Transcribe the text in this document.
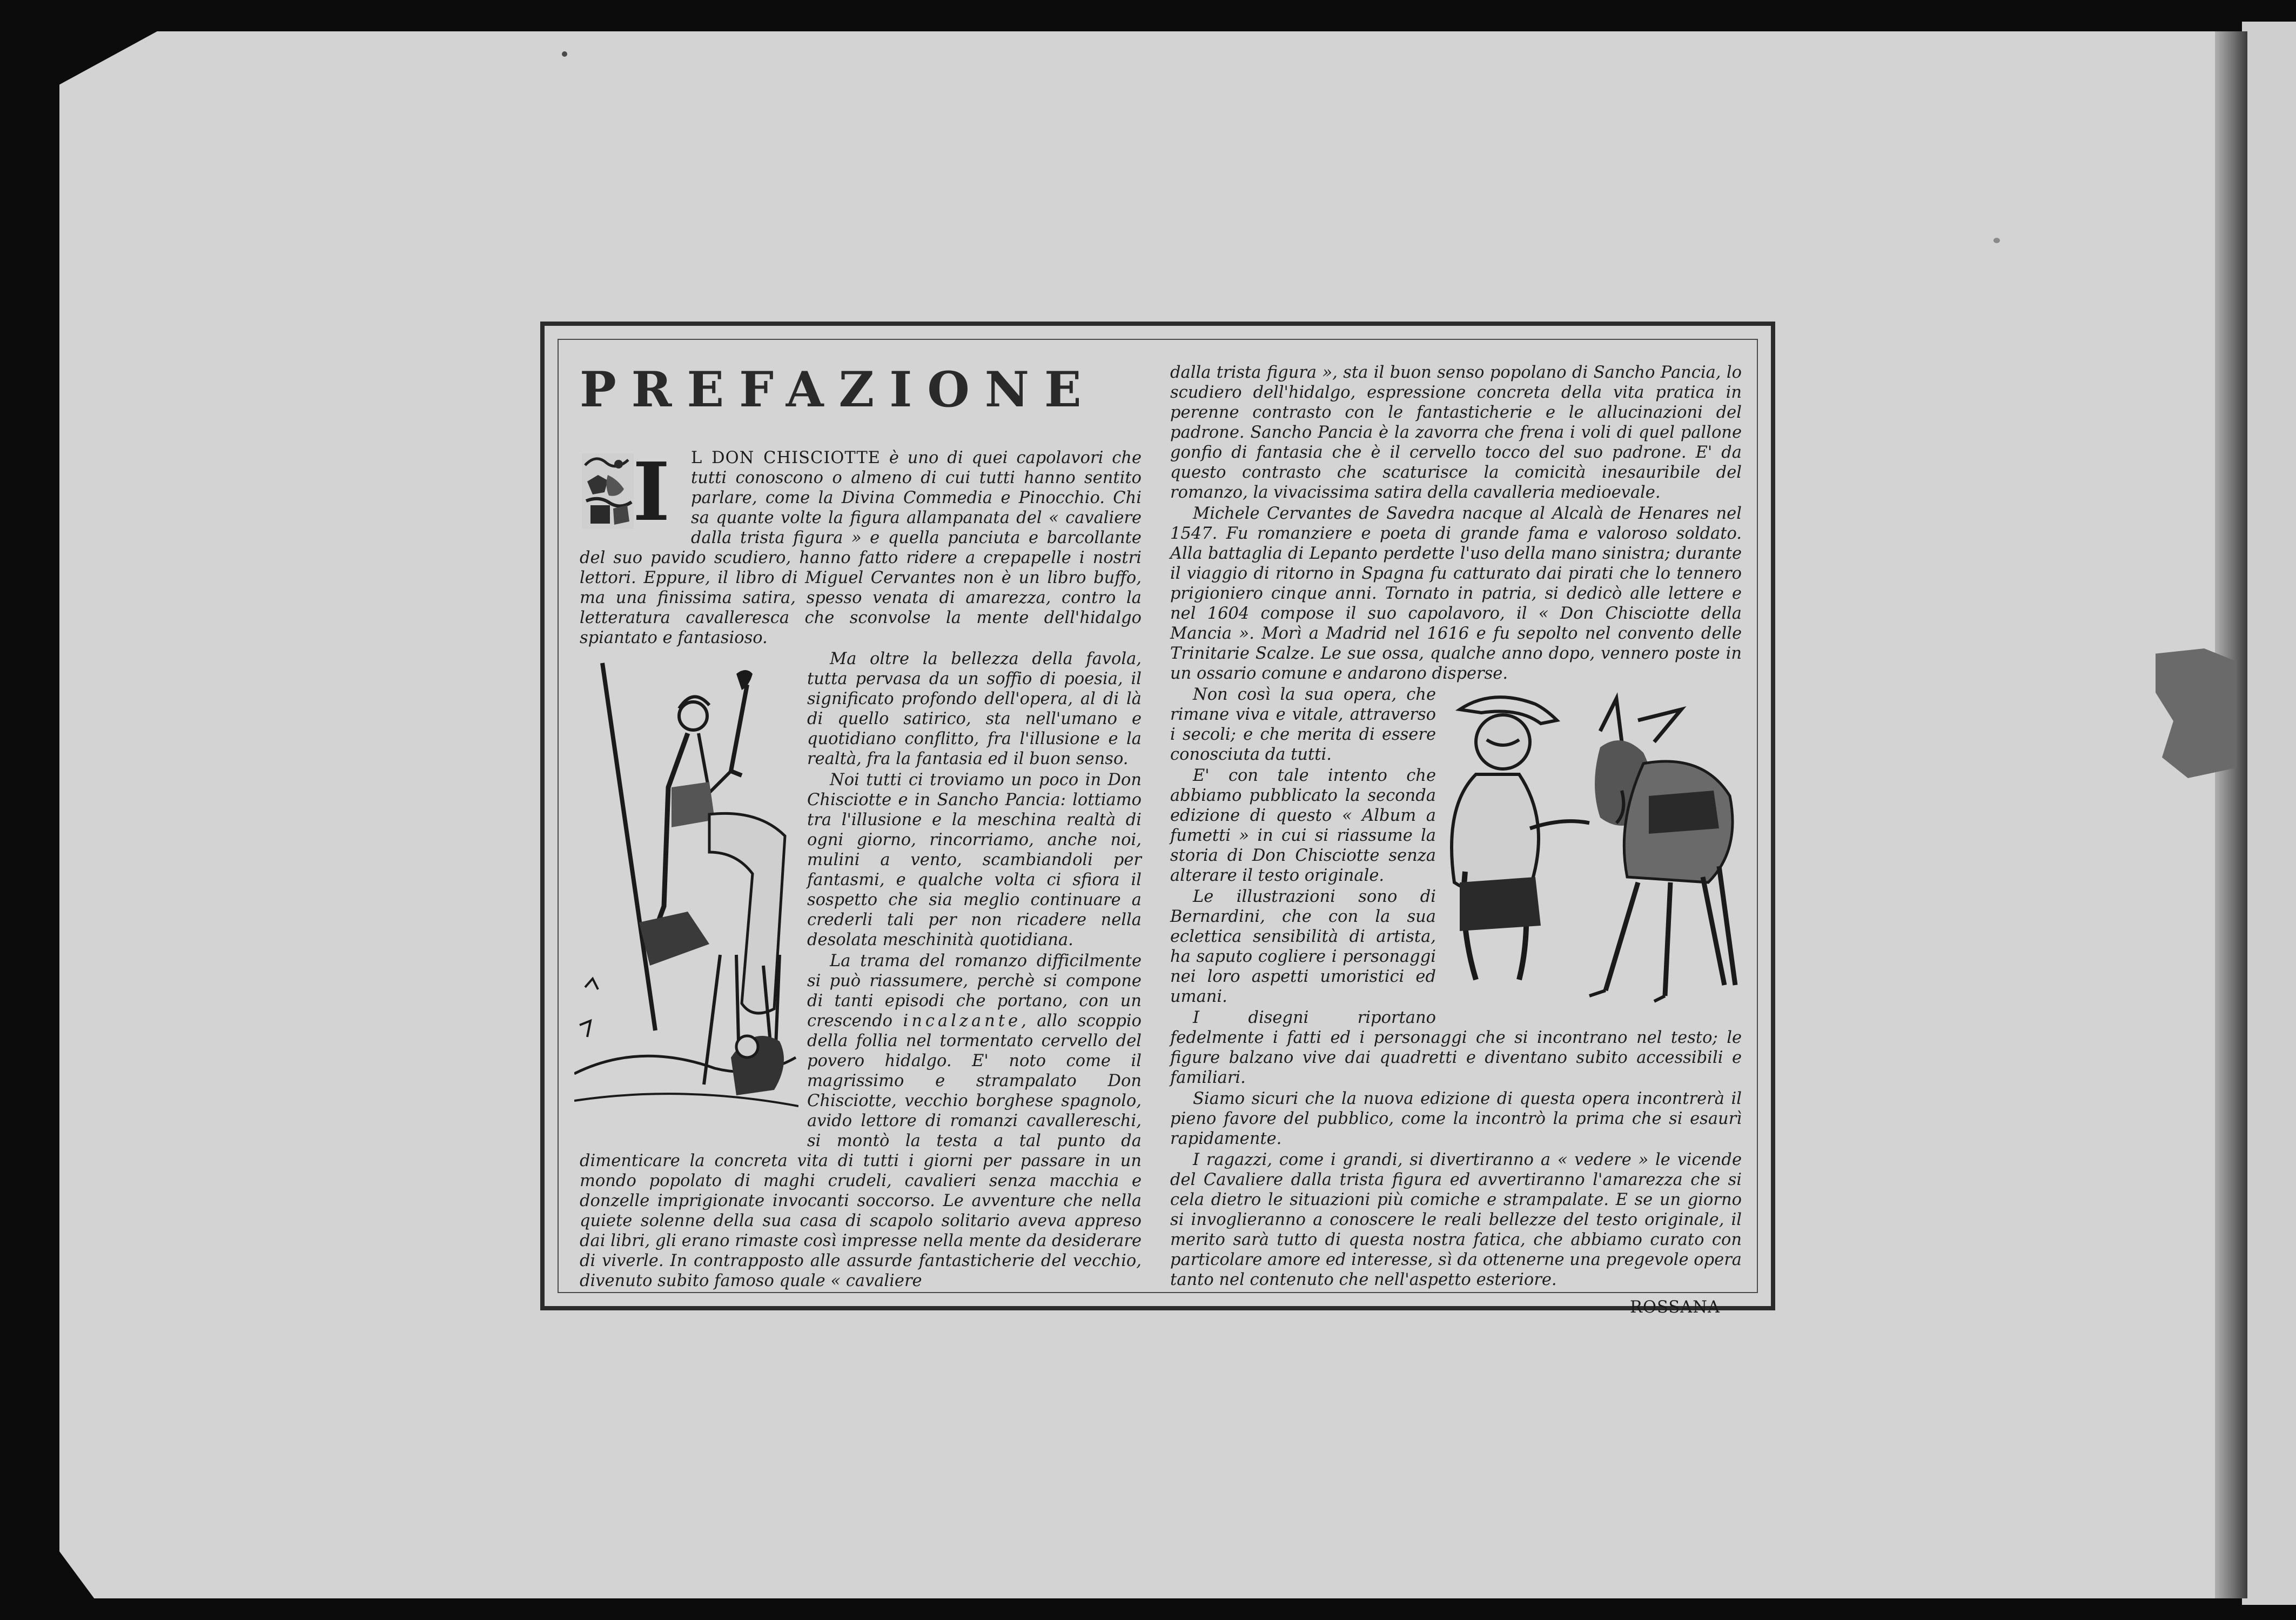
PREFAZIONE

I L DON CHISCIOTTE è uno di quei capolavori che tutti conoscono o almeno di cui tutti hanno sentito parlare, come la Divina Commedia e Pinocchio. Chi sa quante volte la figura allampanata del « cavaliere dalla trista figura » e quella panciuta e barcollante del suo pavido scudiero, hanno fatto ridere a crepapelle i nostri lettori. Eppure, il libro di Miguel Cervantes non è un libro buffo, ma una finissima satira, spesso venata di amarezza, contro la letteratura cavalleresca che sconvolse la mente dell'hidalgo spiantato e fantasioso.

Ma oltre la bellezza della favola, tutta pervasa da un soffio di poesia, il significato profondo dell'opera, al di là di quello satirico, sta nell'umano e quotidiano conflitto, fra l'illusione e la realtà, fra la fantasia ed il buon senso.

Noi tutti ci troviamo un poco in Don Chisciotte e in Sancho Pancia: lottiamo tra l'illusione e la meschina realtà di ogni giorno, rincorriamo, anche noi, mulini a vento, scambiandoli per fantasmi, e qualche volta ci sfiora il sospetto che sia meglio continuare a crederli tali per non ricadere nella desolata meschinità quotidiana.

La trama del romanzo difficilmente si può riassumere, perchè si compone di tanti episodi che portano, con un crescendo incalzante, allo scoppio della follia nel tormentato cervello del povero hidalgo. E' noto come il magrissimo e strampalato Don Chisciotte, vecchio borghese spagnolo, avido lettore di romanzi cavallereschi, si montò la testa a tal punto da dimenticare la concreta vita di tutti i giorni per passare in un mondo popolato di maghi crudeli, cavalieri senza macchia e donzelle imprigionate invocanti soccorso. Le avventure che nella quiete solenne della sua casa di scapolo solitario aveva appreso dai libri, gli erano rimaste così impresse nella mente da desiderare di viverle. In contrapposto alle assurde fantasticherie del vecchio, divenuto subito famoso quale « cavaliere

dalla trista figura », sta il buon senso popolano di Sancho Pancia, lo scudiero dell'hidalgo, espressione concreta della vita pratica in perenne contrasto con le fantasticherie e le allucinazioni del padrone. Sancho Pancia è la zavorra che frena i voli di quel pallone gonfio di fantasia che è il cervello tocco del suo padrone. E' da questo contrasto che scaturisce la comicità inesauribile del romanzo, la vivacissima satira della cavalleria medioevale.

Michele Cervantes de Savedra nacque al Alcalà de Henares nel 1547. Fu romanziere e poeta di grande fama e valoroso soldato. Alla battaglia di Lepanto perdette l'uso della mano sinistra; durante il viaggio di ritorno in Spagna fu catturato dai pirati che lo tennero prigioniero cinque anni. Tornato in patria, si dedicò alle lettere e nel 1604 compose il suo capolavoro, il « Don Chisciotte della Mancia ». Morì a Madrid nel 1616 e fu sepolto nel convento delle Trinitarie Scalze. Le sue ossa, qualche anno dopo, vennero poste in un ossario comune e andarono disperse.

Non così la sua opera, che rimane viva e vitale, attraverso i secoli; e che merita di essere conosciuta da tutti.

E' con tale intento che abbiamo pubblicato la seconda edizione di questo « Album a fumetti » in cui si riassume la storia di Don Chisciotte senza alterare il testo originale.

Le illustrazioni sono di Bernardini, che con la sua eclettica sensibilità di artista, ha saputo cogliere i personaggi nei loro aspetti umoristici ed umani.

I disegni riportano fedelmente i fatti ed i personaggi che si incontrano nel testo; le figure balzano vive dai quadretti e diventano subito accessibili e familiari.

Siamo sicuri che la nuova edizione di questa opera incontrerà il pieno favore del pubblico, come la incontrò la prima che si esaurì rapidamente.

I ragazzi, come i grandi, si divertiranno a « vedere » le vicende del Cavaliere dalla trista figura ed avvertiranno l'amarezza che si cela dietro le situazioni più comiche e strampalate. E se un giorno si invoglieranno a conoscere le reali bellezze del testo originale, il merito sarà tutto di questa nostra fatica, che abbiamo curato con particolare amore ed interesse, sì da ottenerne una pregevole opera tanto nel contenuto che nell'aspetto esteriore.

ROSSANA
